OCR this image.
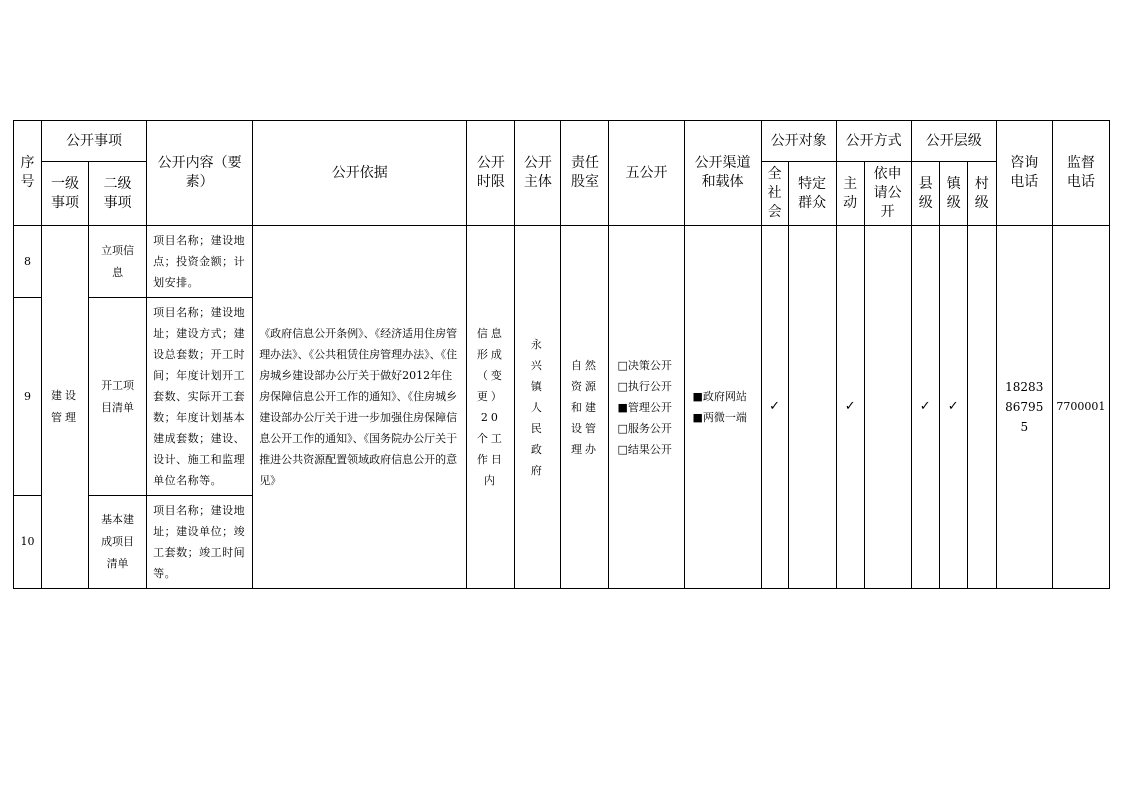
序号	公开事项		公开内容（要素）	公开依据	公开时限	公开主体	责任股室	五公开	公开渠道和载体	公开对象		公开方式		公开层级			咨询电话	监督电话
	一级事项	二级事项								全社会	特定群众	主动	依申请公开	县级	镇级	村级		
8	建设管理	立项信息	项目名称；建设地点；投资金额；计划安排。	《政府信息公开条例》、《经济适用住房管理办法》、《公共租赁住房管理办法》、《住房城乡建设部办公厅关于做好2012年住房保障信息公开工作的通知》、《住房城乡建设部办公厅关于进一步加强住房保障信息公开工作的通知》、《国务院办公厅关于推进公共资源配置领域政府信息公开的意见》	信息形成（变更）20个工作日内	永兴镇人民政府	自然资源和建设管理办	□决策公开
□执行公开
■管理公开
□服务公开
□结果公开	■政府网站
■两微一端	✓		✓		✓	✓		18283
86795
5	7700001
9		开工项目清单	项目名称；建设地址；建设方式；建设总套数；开工时间；年度计划开工套数、实际开工套数；年度计划基本建成套数；建设、设计、施工和监理单位名称等。															
10		基本建成项目清单	项目名称；建设地址；建设单位；竣工套数；竣工时间等。															
